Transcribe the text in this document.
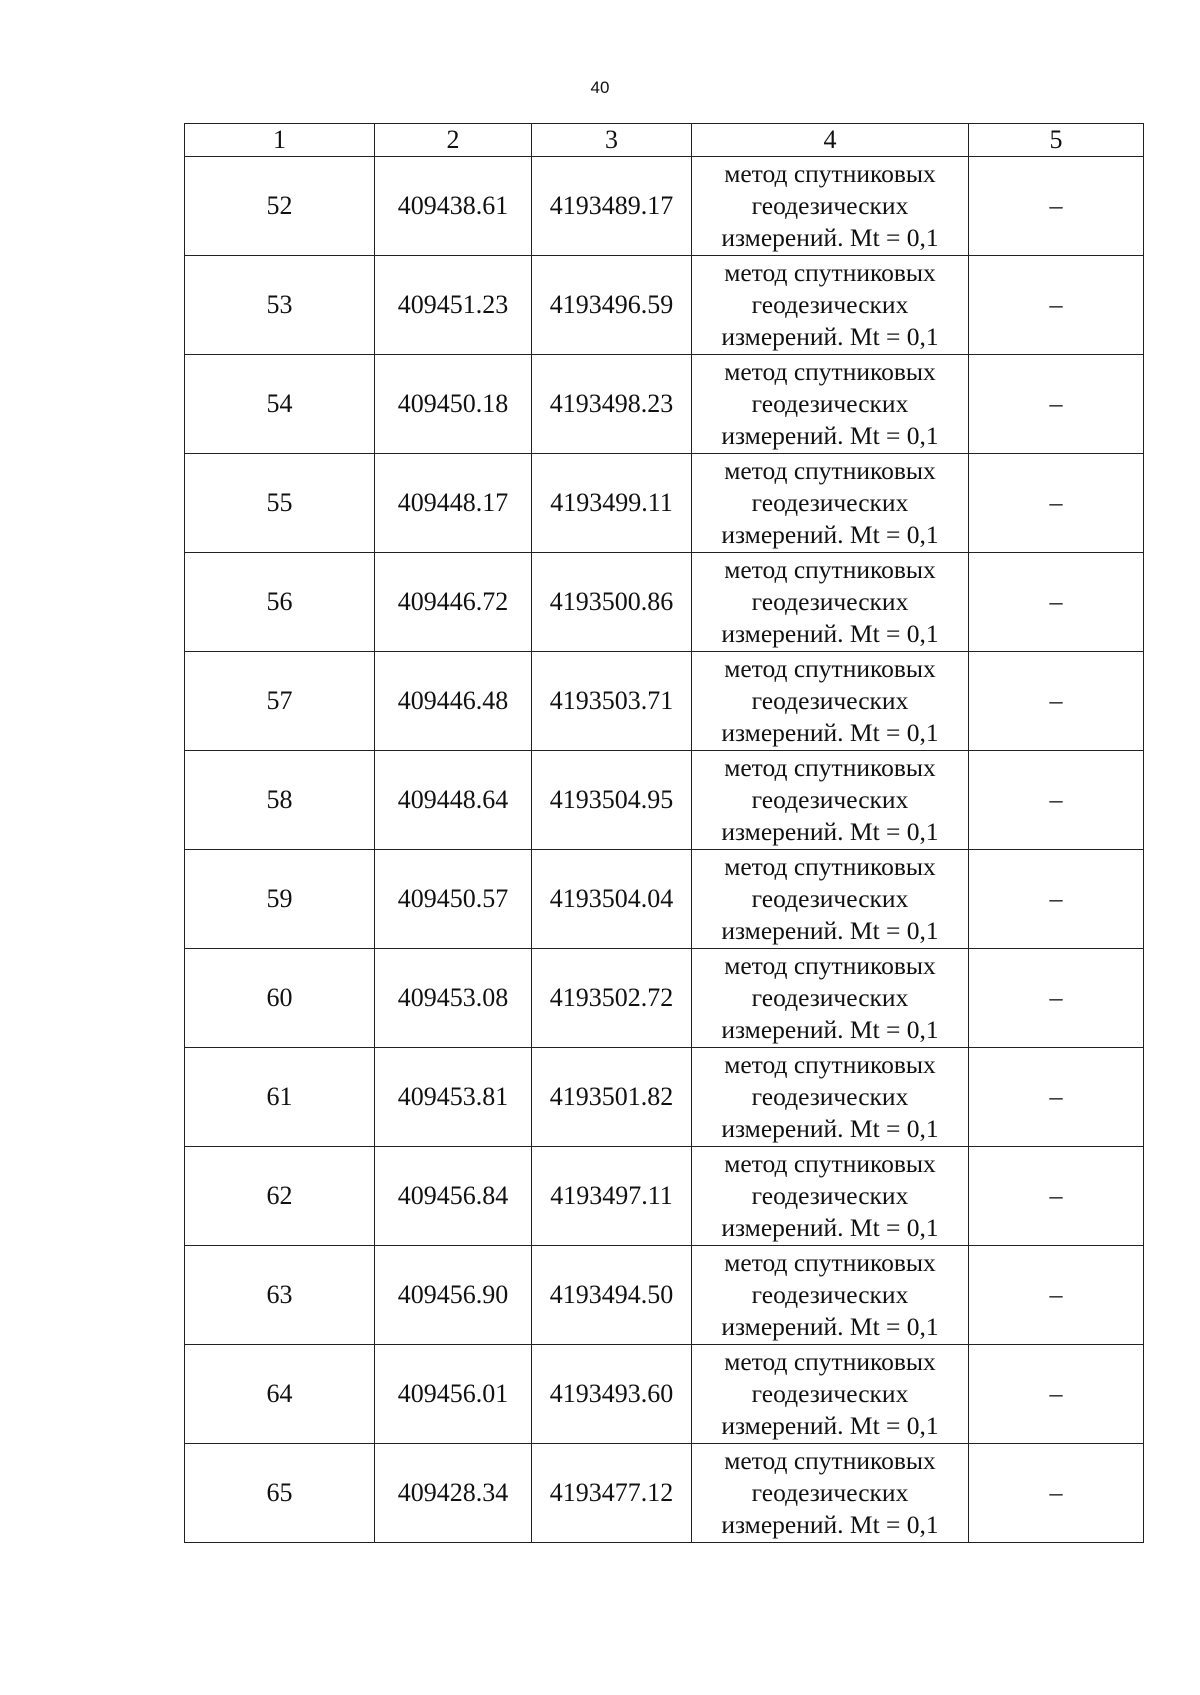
40
1	2	3	4	5
52	409438.61	4193489.17	метод спутниковых
геодезических
измерений. Mt = 0,1	–
53	409451.23	4193496.59	метод спутниковых
геодезических
измерений. Mt = 0,1	–
54	409450.18	4193498.23	метод спутниковых
геодезических
измерений. Mt = 0,1	–
55	409448.17	4193499.11	метод спутниковых
геодезических
измерений. Mt = 0,1	–
56	409446.72	4193500.86	метод спутниковых
геодезических
измерений. Mt = 0,1	–
57	409446.48	4193503.71	метод спутниковых
геодезических
измерений. Mt = 0,1	–
58	409448.64	4193504.95	метод спутниковых
геодезических
измерений. Mt = 0,1	–
59	409450.57	4193504.04	метод спутниковых
геодезических
измерений. Mt = 0,1	–
60	409453.08	4193502.72	метод спутниковых
геодезических
измерений. Mt = 0,1	–
61	409453.81	4193501.82	метод спутниковых
геодезических
измерений. Mt = 0,1	–
62	409456.84	4193497.11	метод спутниковых
геодезических
измерений. Mt = 0,1	–
63	409456.90	4193494.50	метод спутниковых
геодезических
измерений. Mt = 0,1	–
64	409456.01	4193493.60	метод спутниковых
геодезических
измерений. Mt = 0,1	–
65	409428.34	4193477.12	метод спутниковых
геодезических
измерений. Mt = 0,1	–
